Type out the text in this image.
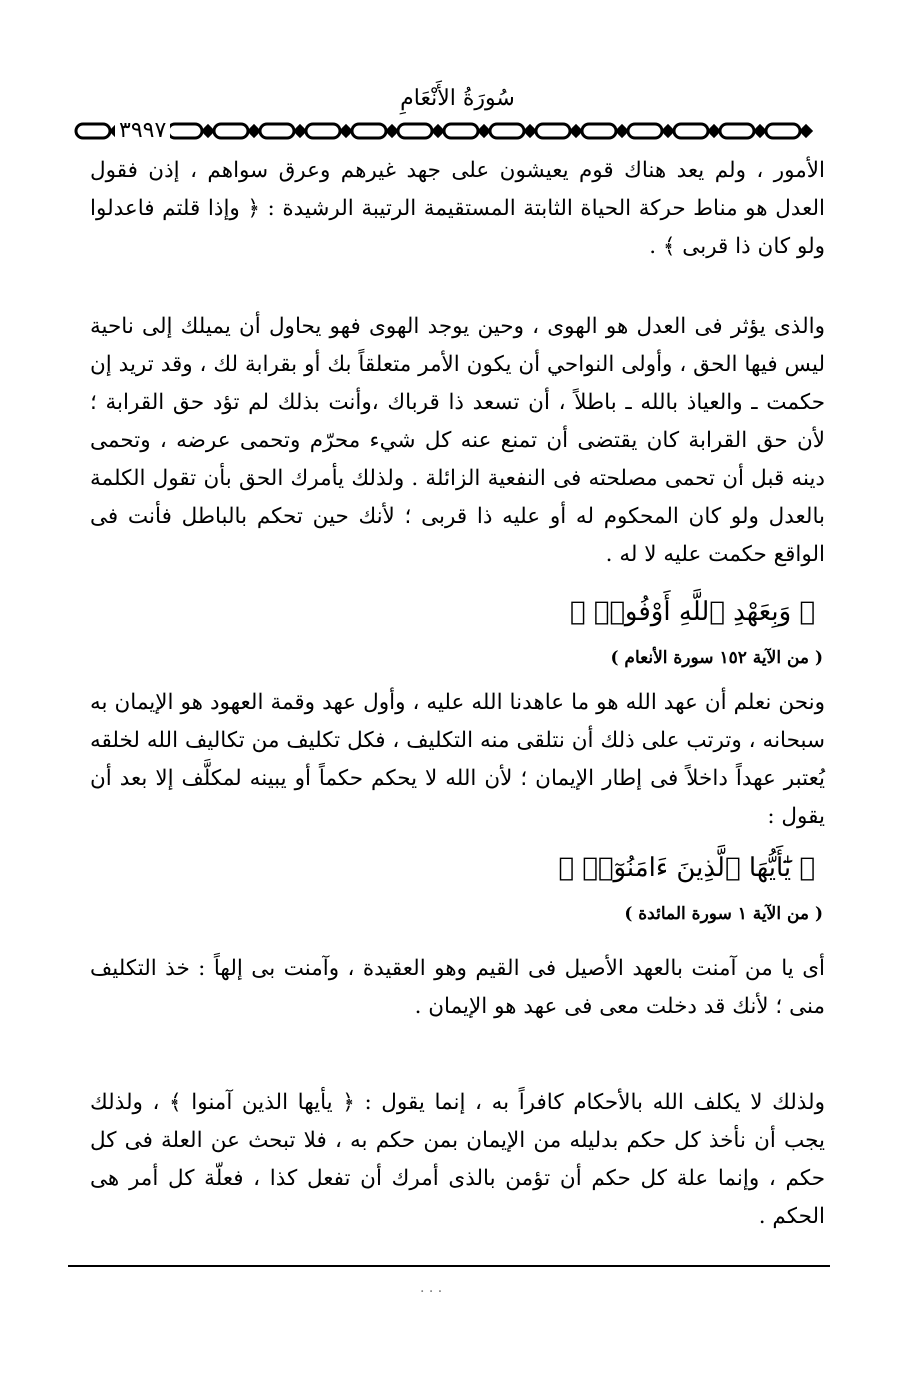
سُورَةُ الأَنْعَامِ
٣٩٩٧

الأمور ، ولم يعد هناك قوم يعيشون على جهد غيرهم وعرق سواهم ، إذن فقول العدل هو مناط حركة الحياة الثابتة المستقيمة الرتيبة الرشيدة : ﴿ وإذا قلتم فاعدلوا ولو كان ذا قربى ﴾ .

والذى يؤثر فى العدل هو الهوى ، وحين يوجد الهوى فهو يحاول أن يميلك إلى ناحية ليس فيها الحق ، وأولى النواحي أن يكون الأمر متعلقاً بك أو بقرابة لك ، وقد تريد إن حكمت ـ والعياذ بالله ـ باطلاً ، أن تسعد ذا قرباك ،وأنت بذلك لم تؤد حق القرابة ؛ لأن حق القرابة كان يقتضى أن تمنع عنه كل شيء محرّم وتحمى عرضه ، وتحمى دينه قبل أن تحمى مصلحته فى النفعية الزائلة . ولذلك يأمرك الحق بأن تقول الكلمة بالعدل ولو كان المحكوم له أو عليه ذا قربى ؛ لأنك حين تحكم بالباطل فأنت فى الواقع حكمت عليه لا له .

﴿ وَبِعَهْدِ ٱللَّهِ أَوْفُوا۟ ﴾

( من الآية ١٥٢ سورة الأنعام )

ونحن نعلم أن عهد الله هو ما عاهدنا الله عليه ، وأول عهد وقمة العهود هو الإيمان به سبحانه ، وترتب على ذلك أن نتلقى منه التكليف ، فكل تكليف من تكاليف الله لخلقه يُعتبر عهداً داخلاً فى إطار الإيمان ؛ لأن الله لا يحكم حكماً أو يبينه لمكلَّف إلا بعد أن يقول :

﴿ يَٰٓأَيُّهَا ٱلَّذِينَ ءَامَنُوٓا۟ ﴾

( من الآية ١ سورة المائدة )

أى يا من آمنت بالعهد الأصيل فى القيم وهو العقيدة ، وآمنت بى إلهاً : خذ التكليف منى ؛ لأنك قد دخلت معى فى عهد هو الإيمان .

ولذلك لا يكلف الله بالأحكام كافراً به ، إنما يقول : ﴿ يأيها الذين آمنوا ﴾ ، ولذلك يجب أن نأخذ كل حكم بدليله من الإيمان بمن حكم به ، فلا تبحث عن العلة فى كل حكم ، وإنما علة كل حكم أن تؤمن بالذى أمرك أن تفعل كذا ، فعلّة كل أمر هى الحكم .

· · ·
